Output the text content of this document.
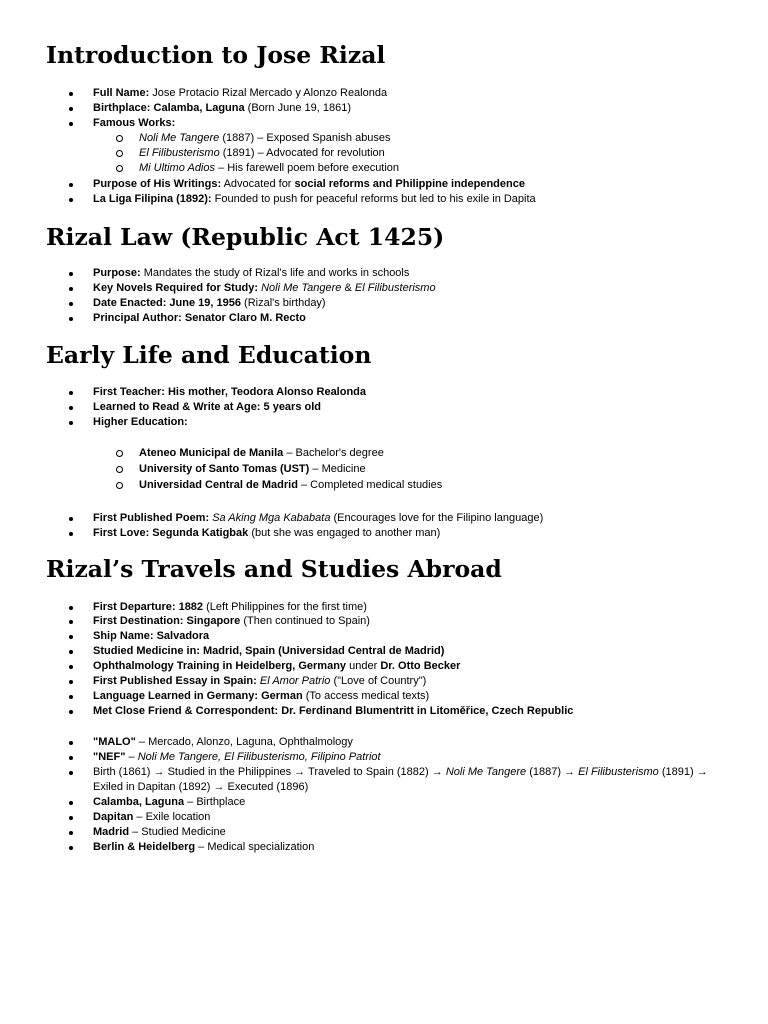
Introduction to Jose Rizal
Full Name: Jose Protacio Rizal Mercado y Alonzo Realonda
Birthplace: Calamba, Laguna (Born June 19, 1861)
Famous Works:
Noli Me Tangere (1887) – Exposed Spanish abuses
El Filibusterismo (1891) – Advocated for revolution
Mi Ultimo Adios – His farewell poem before execution
Purpose of His Writings: Advocated for social reforms and Philippine independence
La Liga Filipina (1892): Founded to push for peaceful reforms but led to his exile in Dapita
Rizal Law (Republic Act 1425)
Purpose: Mandates the study of Rizal's life and works in schools
Key Novels Required for Study: Noli Me Tangere & El Filibusterismo
Date Enacted: June 19, 1956 (Rizal's birthday)
Principal Author: Senator Claro M. Recto
Early Life and Education
First Teacher: His mother, Teodora Alonso Realonda
Learned to Read & Write at Age: 5 years old
Higher Education:
Ateneo Municipal de Manila – Bachelor's degree
University of Santo Tomas (UST) – Medicine
Universidad Central de Madrid – Completed medical studies
First Published Poem: Sa Aking Mga Kababata (Encourages love for the Filipino language)
First Love: Segunda Katigbak (but she was engaged to another man)
Rizal’s Travels and Studies Abroad
First Departure: 1882 (Left Philippines for the first time)
First Destination: Singapore (Then continued to Spain)
Ship Name: Salvadora
Studied Medicine in: Madrid, Spain (Universidad Central de Madrid)
Ophthalmology Training in Heidelberg, Germany under Dr. Otto Becker
First Published Essay in Spain: El Amor Patrio ("Love of Country")
Language Learned in Germany: German (To access medical texts)
Met Close Friend & Correspondent: Dr. Ferdinand Blumentritt in Litoměřice, Czech Republic
"MALO" – Mercado, Alonzo, Laguna, Ophthalmology
"NEF" – Noli Me Tangere, El Filibusterismo, Filipino Patriot
Birth (1861) → Studied in the Philippines → Traveled to Spain (1882) → Noli Me Tangere (1887) → El Filibusterismo (1891) → Exiled in Dapitan (1892) → Executed (1896)
Calamba, Laguna – Birthplace
Dapitan – Exile location
Madrid – Studied Medicine
Berlin & Heidelberg – Medical specialization
